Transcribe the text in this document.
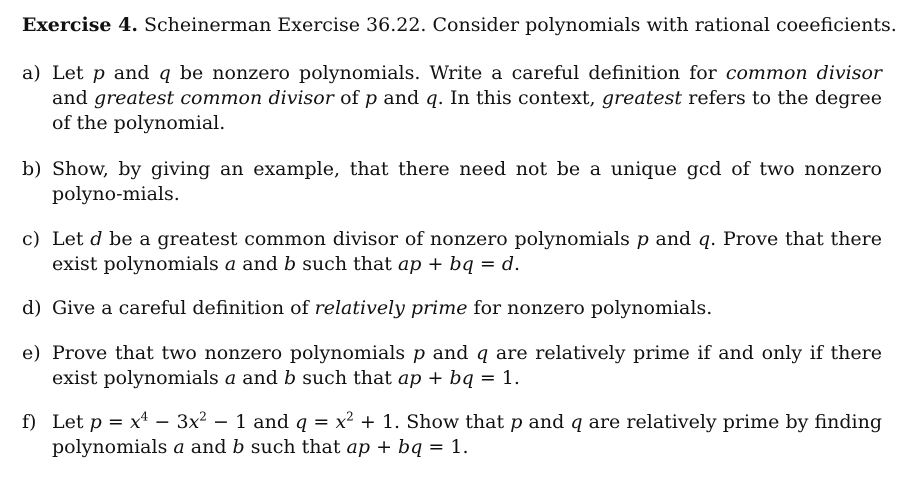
Exercise 4. Scheinerman Exercise 36.22. Consider polynomials with rational coeeficients.
a) Let p and q be nonzero polynomials. Write a careful definition for common divisor and greatest common divisor of p and q. In this context, greatest refers to the degree of the polynomial.
b) Show, by giving an example, that there need not be a unique gcd of two nonzero polyno-mials.
c) Let d be a greatest common divisor of nonzero polynomials p and q. Prove that there exist polynomials a and b such that ap + bq = d.
d) Give a careful definition of relatively prime for nonzero polynomials.
e) Prove that two nonzero polynomials p and q are relatively prime if and only if there exist polynomials a and b such that ap + bq = 1.
f) Let $p = x^4 - 3x^2 - 1$ and $q = x^2 + 1$. Show that p and q are relatively prime by finding polynomials a and b such that ap + bq = 1.
